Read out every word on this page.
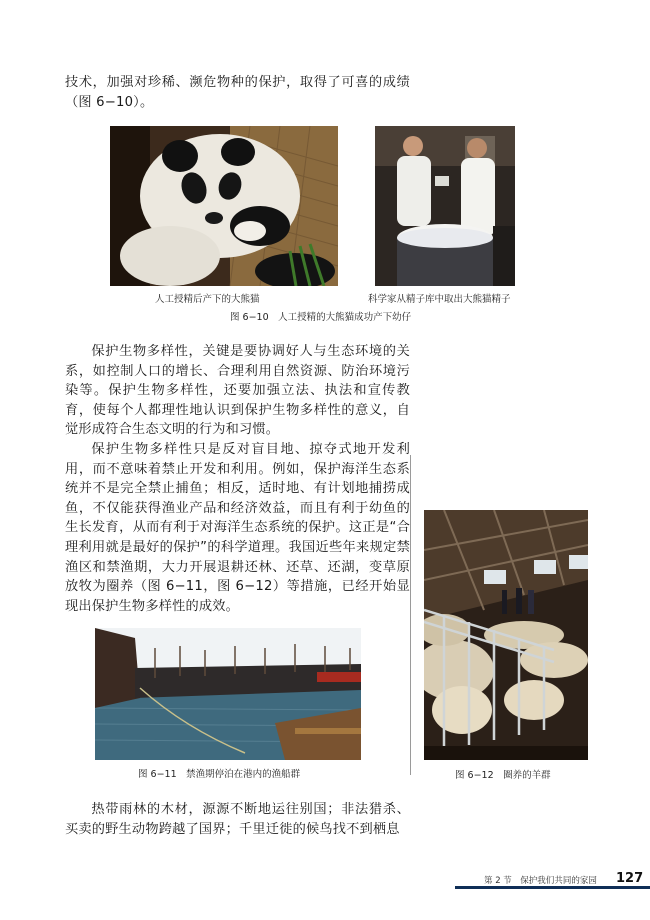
技术，加强对珍稀、濒危物种的保护，取得了可喜的成绩（图 6−10）。

人工授精后产下的大熊猫	科学家从精子库中取出大熊猫精子
图 6−10　人工授精的大熊猫成功产下幼仔

保护生物多样性，关键是要协调好人与生态环境的关系，如控制人口的增长、合理利用自然资源、防治环境污染等。保护生物多样性，还要加强立法、执法和宣传教育，使每个人都理性地认识到保护生物多样性的意义，自觉形成符合生态文明的行为和习惯。

保护生物多样性只是反对盲目地、掠夺式地开发利用，而不意味着禁止开发和利用。例如，保护海洋生态系统并不是完全禁止捕鱼；相反，适时地、有计划地捕捞成鱼，不仅能获得渔业产品和经济效益，而且有利于幼鱼的生长发育，从而有利于对海洋生态系统的保护。这正是“合理利用就是最好的保护”的科学道理。我国近些年来规定禁渔区和禁渔期，大力开展退耕还林、还草、还湖，变草原放牧为圈养（图 6−11，图 6−12）等措施，已经开始显现出保护生物多样性的成效。

图 6−12　圈养的羊群
图 6−11　禁渔期停泊在港内的渔船群

热带雨林的木材，源源不断地运往别国；非法猎杀、买卖的野生动物跨越了国界；千里迁徙的候鸟找不到栖息

第 2 节　保护我们共同的家园 127
